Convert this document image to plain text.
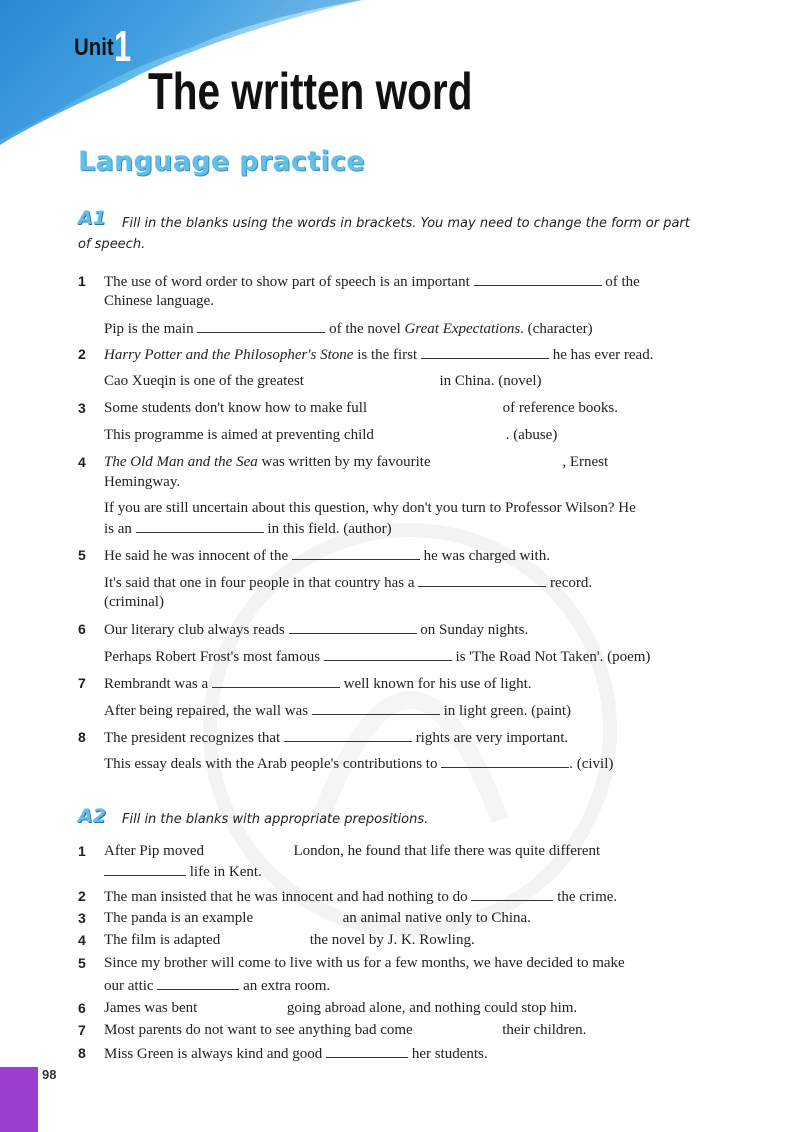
Unit 1
The written word
Language practice
A1	Fill in the blanks using the words in brackets. You may need to change the form or part
of speech.
1 The use of word order to show part of speech is an important	of the
Chinese language.
Pip is the main	of the novel Great Expectations. (character)
2 Harry Potter and the Philosopher's Stone is the first	he has ever read.
Cao Xueqin is one of the greatest	in China. (novel)
3 Some students don't know how to make full	of reference books.
This programme is aimed at preventing child	. (abuse)
4 The Old Man and the Sea was written by my favourite	, Ernest
Hemingway.
If you are still uncertain about this question, why don't you turn to Professor Wilson? He
is an	in this field. (author)
5 He said he was innocent of the	he was charged with.
It's said that one in four people in that country has a	record.
(criminal)
6 Our literary club always reads	on Sunday nights.
Perhaps Robert Frost's most famous	is 'The Road Not Taken'. (poem)
7 Rembrandt was a	well known for his use of light.
After being repaired, the wall was	in light green. (paint)
8 The president recognizes that	rights are very important.
This essay deals with the Arab people's contributions to	. (civil)
A2	Fill in the blanks with appropriate prepositions.
1 After Pip moved	London, he found that life there was quite different
life in Kent.
2 The man insisted that he was innocent and had nothing to do	the crime.
3 The panda is an example	an animal native only to China.
4 The film is adapted	the novel by J. K. Rowling.
5 Since my brother will come to live with us for a few months, we have decided to make
our attic	an extra room.
6 James was bent	going abroad alone, and nothing could stop him.
7 Most parents do not want to see anything bad come	their children.
8 Miss Green is always kind and good	her students.
98
